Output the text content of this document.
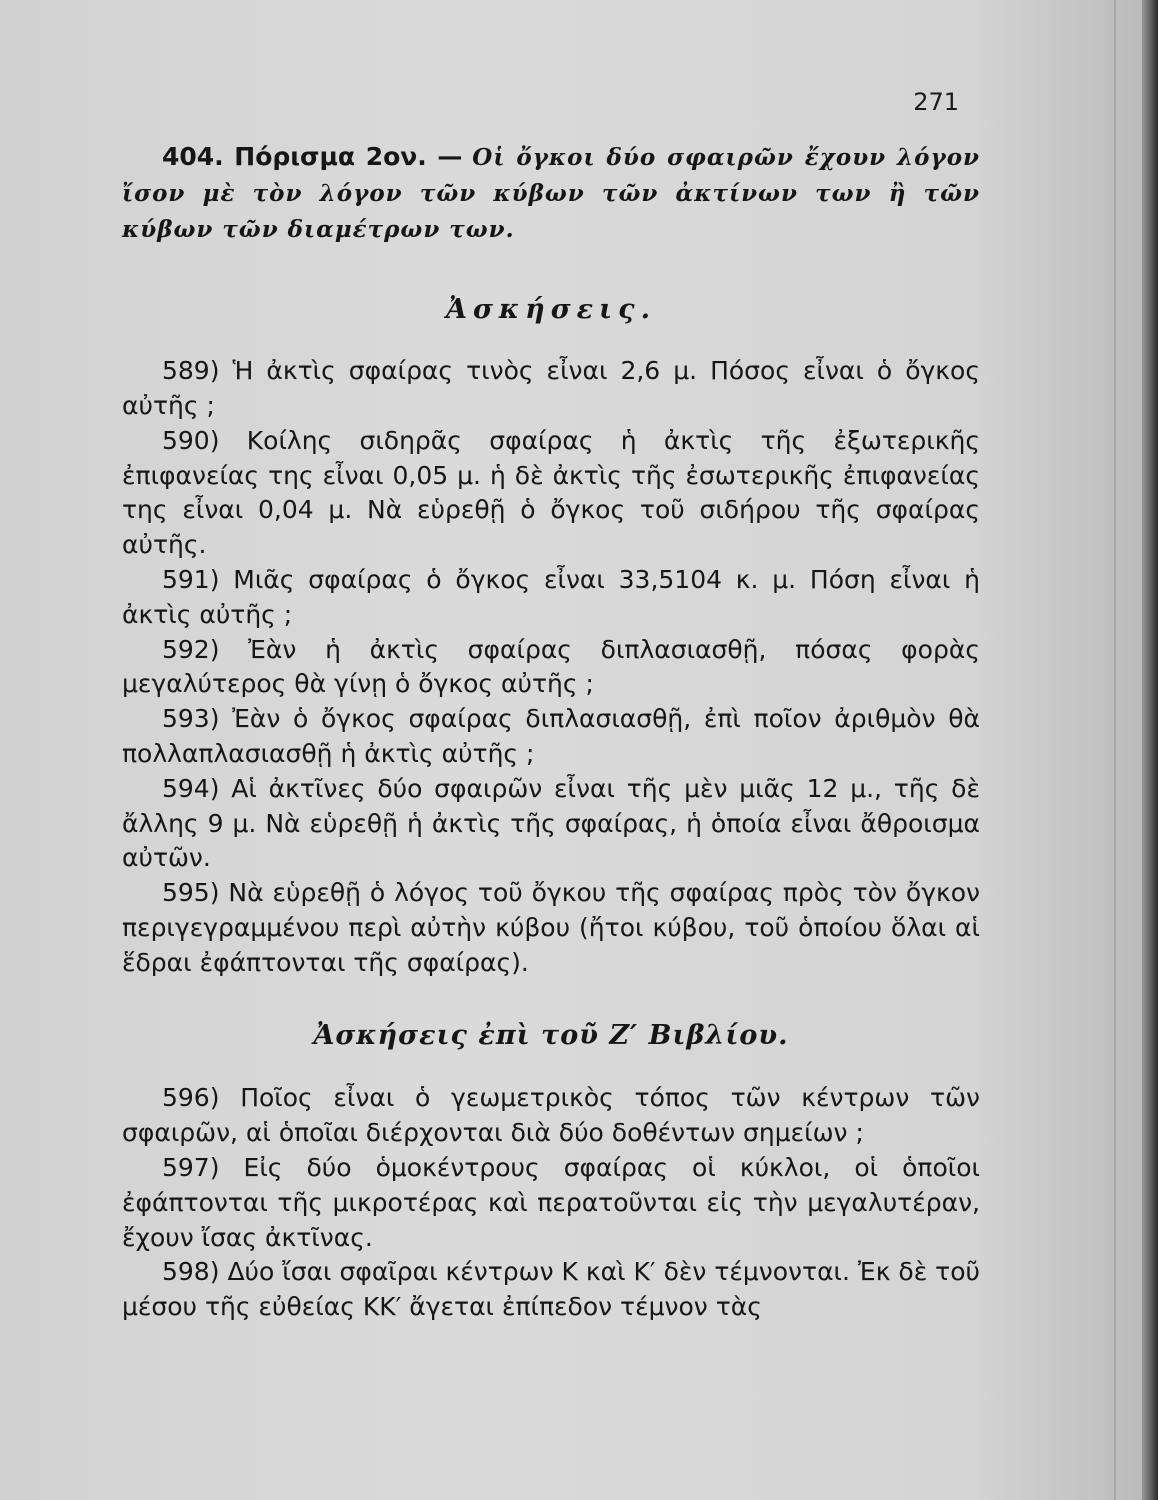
271

404. Πόρισμα 2ον. — Οἱ ὄγκοι δύο σφαιρῶν ἔχουν λόγον ἴσον μὲ τὸν λόγον τῶν κύβων τῶν ἀκτίνων των ἢ τῶν κύβων τῶν διαμέτρων των.

Ἀσκήσεις.

589) Ἡ ἀκτὶς σφαίρας τινὸς εἶναι 2,6 μ. Πόσος εἶναι ὁ ὄγκος αὐτῆς ;

590) Κοίλης σιδηρᾶς σφαίρας ἡ ἀκτὶς τῆς ἐξωτερικῆς ἐπιφανείας της εἶναι 0,05 μ. ἡ δὲ ἀκτὶς τῆς ἐσωτερικῆς ἐπιφανείας της εἶναι 0,04 μ. Νὰ εὑρεθῇ ὁ ὄγκος τοῦ σιδήρου τῆς σφαίρας αὐτῆς.

591) Μιᾶς σφαίρας ὁ ὄγκος εἶναι 33,5104 κ. μ. Πόση εἶναι ἡ ἀκτὶς αὐτῆς ;

592) Ἐὰν ἡ ἀκτὶς σφαίρας διπλασιασθῇ, πόσας φορὰς μεγαλύτερος θὰ γίνῃ ὁ ὄγκος αὐτῆς ;

593) Ἐὰν ὁ ὄγκος σφαίρας διπλασιασθῇ, ἐπὶ ποῖον ἀριθμὸν θὰ πολλαπλασιασθῇ ἡ ἀκτὶς αὐτῆς ;

594) Αἱ ἀκτῖνες δύο σφαιρῶν εἶναι τῆς μὲν μιᾶς 12 μ., τῆς δὲ ἄλλης 9 μ. Νὰ εὑρεθῇ ἡ ἀκτὶς τῆς σφαίρας, ἡ ὁποία εἶναι ἄθροισμα αὐτῶν.

595) Νὰ εὑρεθῇ ὁ λόγος τοῦ ὄγκου τῆς σφαίρας πρὸς τὸν ὄγκον περιγεγραμμένου περὶ αὐτὴν κύβου (ἤτοι κύβου, τοῦ ὁποίου ὅλαι αἱ ἕδραι ἐφάπτονται τῆς σφαίρας).

Ἀσκήσεις ἐπὶ τοῦ Ζ′ Βιβλίου.

596) Ποῖος εἶναι ὁ γεωμετρικὸς τόπος τῶν κέντρων τῶν σφαιρῶν, αἱ ὁποῖαι διέρχονται διὰ δύο δοθέντων σημείων ;

597) Εἰς δύο ὁμοκέντρους σφαίρας οἱ κύκλοι, οἱ ὁποῖοι ἐφάπτονται τῆς μικροτέρας καὶ περατοῦνται εἰς τὴν μεγαλυτέραν, ἔχουν ἴσας ἀκτῖνας.

598) Δύο ἴσαι σφαῖραι κέντρων Κ καὶ Κ′ δὲν τέμνονται. Ἐκ δὲ τοῦ μέσου τῆς εὐθείας ΚΚ′ ἄγεται ἐπίπεδον τέμνον τὰς
